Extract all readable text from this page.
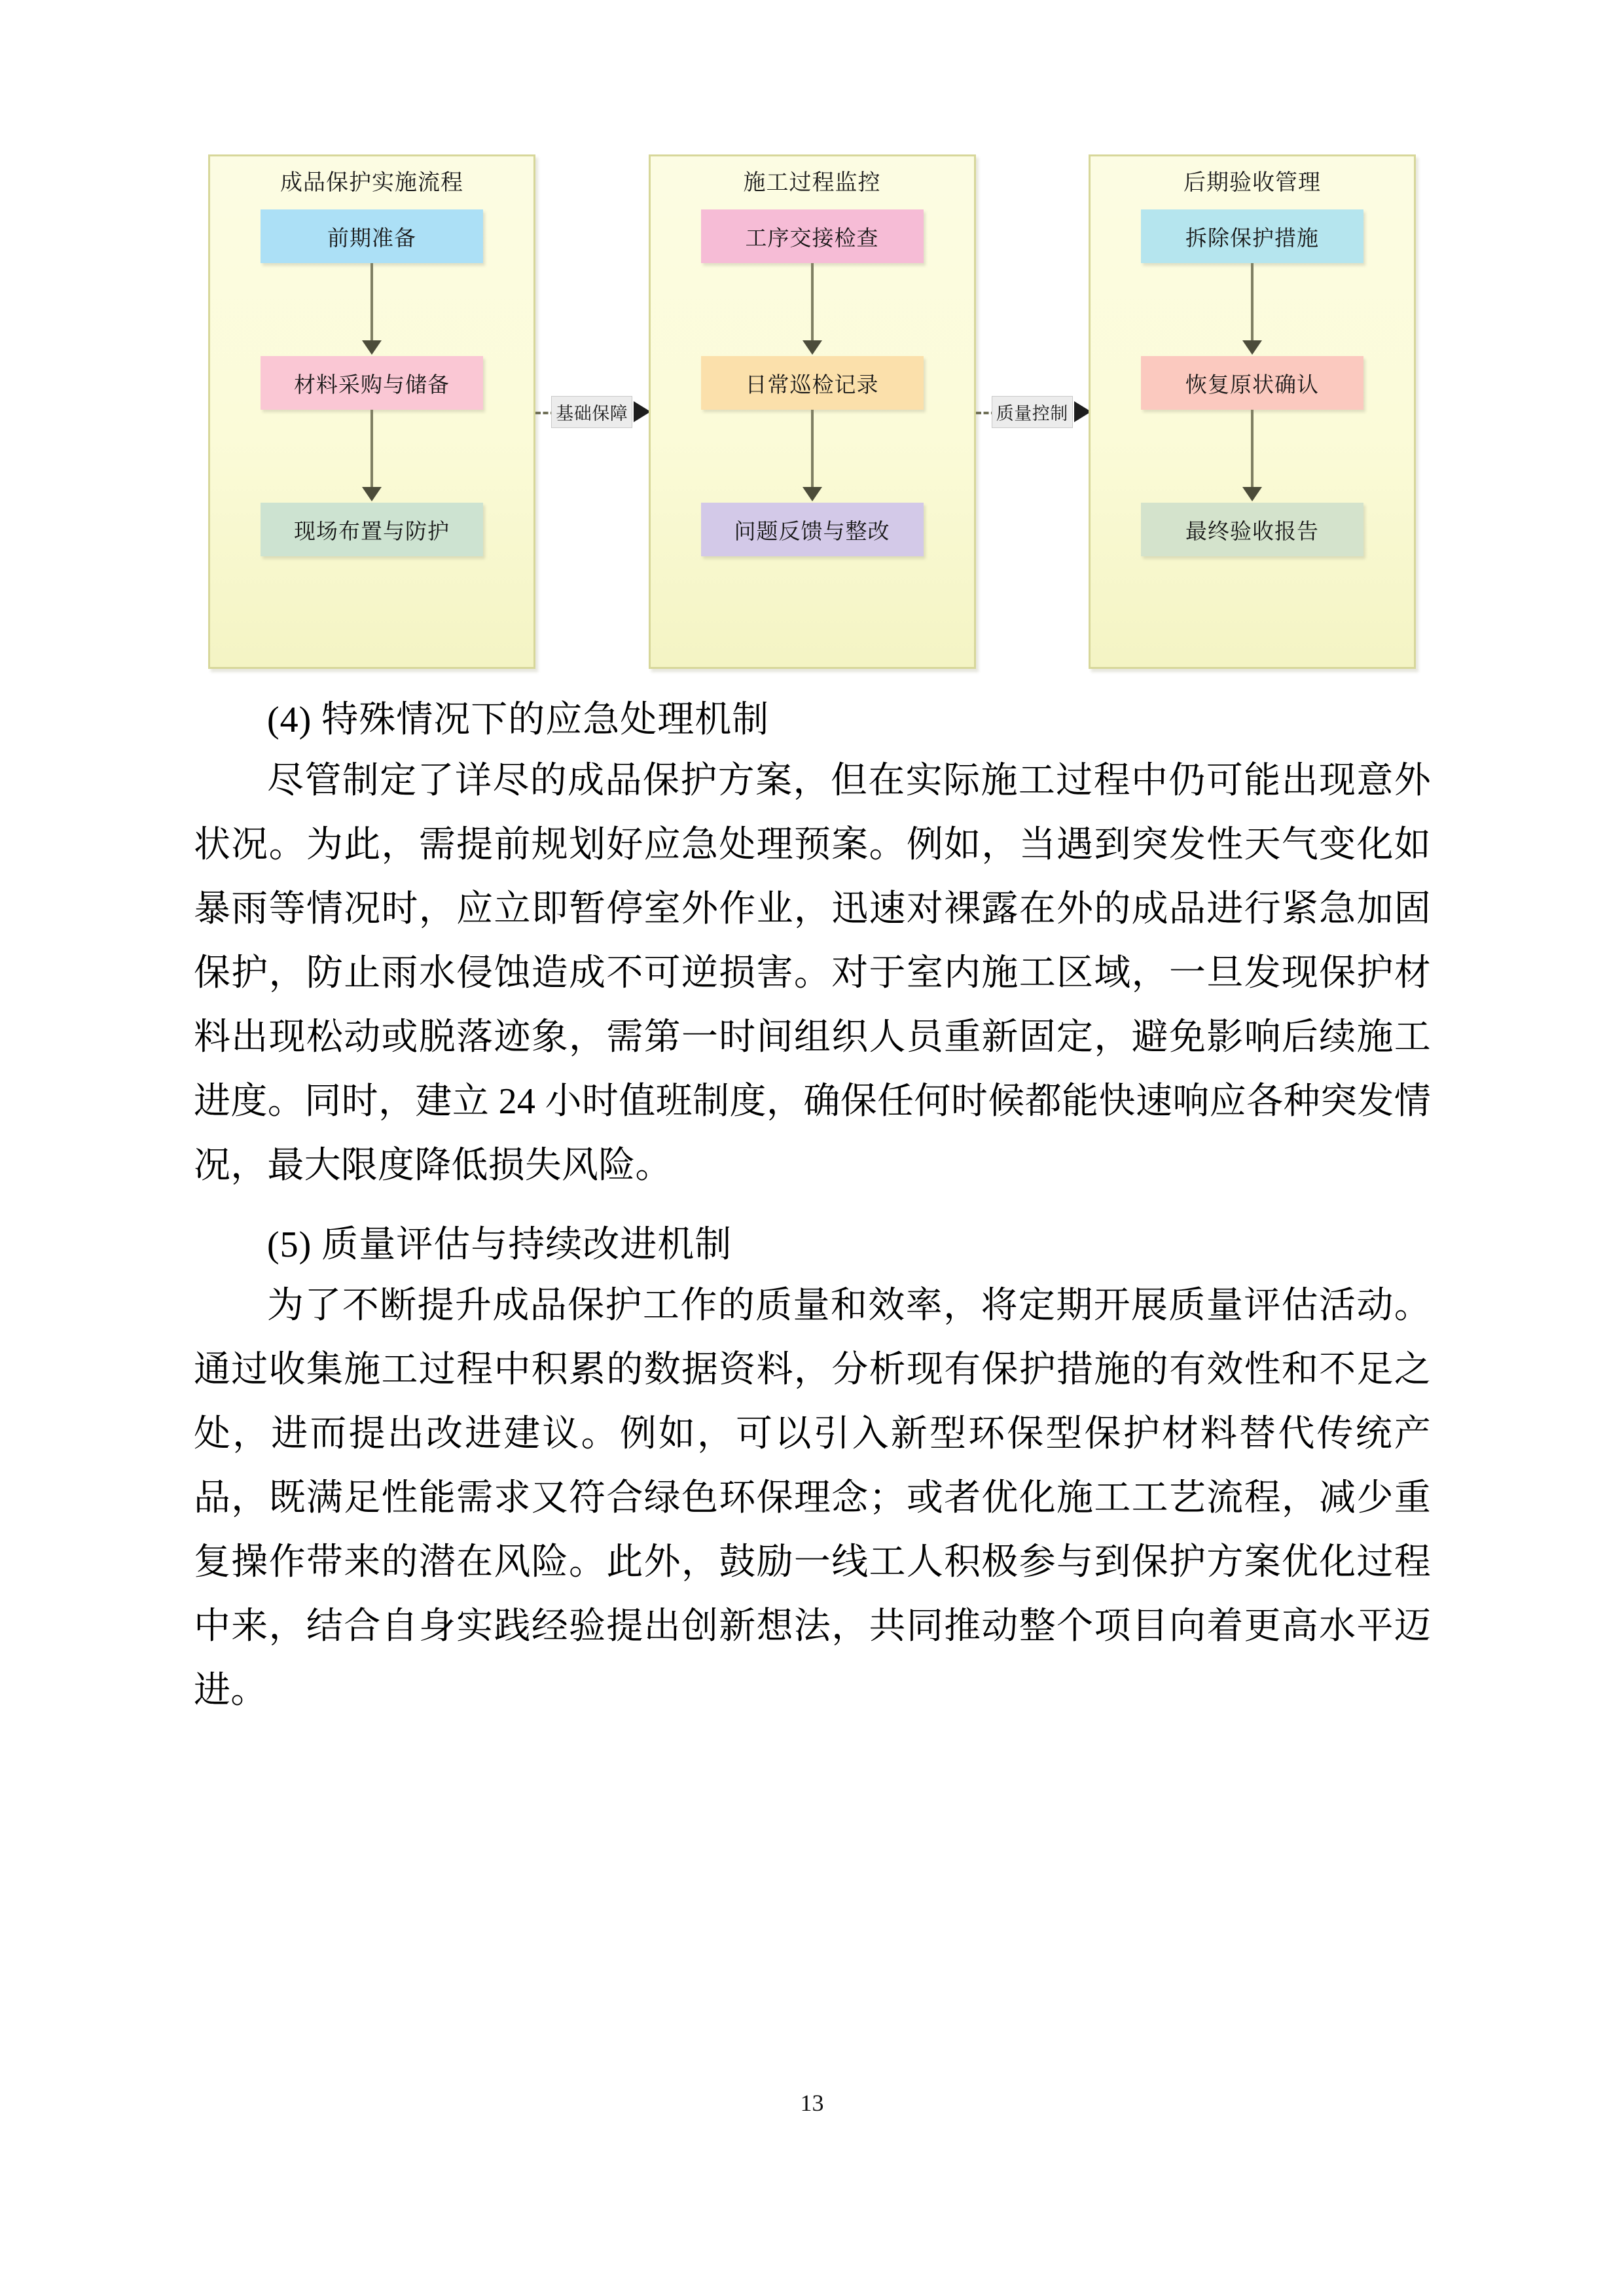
成品保护实施流程
前期准备
材料采购与储备
现场布置与防护
基础保障
施工过程监控
工序交接检查
日常巡检记录
问题反馈与整改
质量控制
后期验收管理
拆除保护措施
恢复原状确认
最终验收报告

(4) 特殊情况下的应急处理机制

尽管制定了详尽的成品保护方案，但在实际施工过程中仍可能出现意外状况。为此，需提前规划好应急处理预案。例如，当遇到突发性天气变化如暴雨等情况时，应立即暂停室外作业，迅速对裸露在外的成品进行紧急加固保护，防止雨水侵蚀造成不可逆损害。对于室内施工区域，一旦发现保护材料出现松动或脱落迹象，需第一时间组织人员重新固定，避免影响后续施工进度。同时，建立 24 小时值班制度，确保任何时候都能快速响应各种突发情况，最大限度降低损失风险。

(5) 质量评估与持续改进机制

为了不断提升成品保护工作的质量和效率，将定期开展质量评估活动。通过收集施工过程中积累的数据资料，分析现有保护措施的有效性和不足之处，进而提出改进建议。例如，可以引入新型环保型保护材料替代传统产品，既满足性能需求又符合绿色环保理念；或者优化施工工艺流程，减少重复操作带来的潜在风险。此外，鼓励一线工人积极参与到保护方案优化过程中来，结合自身实践经验提出创新想法，共同推动整个项目向着更高水平迈进。

13
